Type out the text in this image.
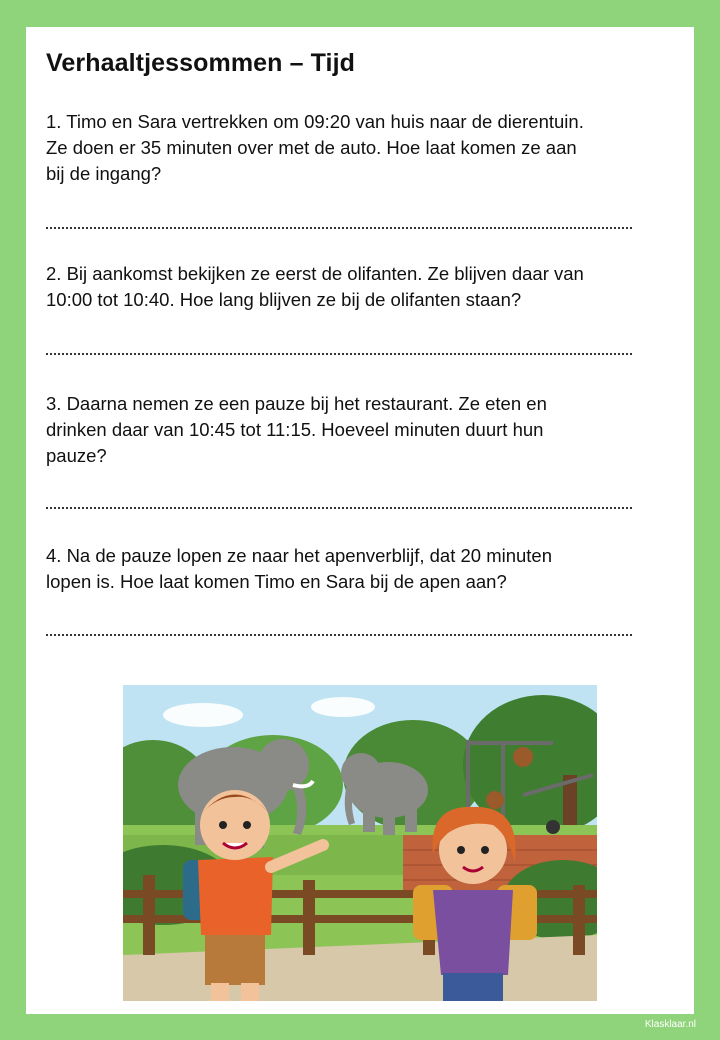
Verhaaltjessommen – Tijd
1. Timo en Sara vertrekken om 09:20 van huis naar de dierentuin.
Ze doen er 35 minuten over met de auto. Hoe laat komen ze aan
bij de ingang?
2. Bij aankomst bekijken ze eerst de olifanten. Ze blijven daar van
10:00 tot 10:40. Hoe lang blijven ze bij de olifanten staan?
3. Daarna nemen ze een pauze bij het restaurant. Ze eten en
drinken daar van 10:45 tot 11:15. Hoeveel minuten duurt hun
pauze?
4. Na de pauze lopen ze naar het apenverblijf, dat 20 minuten
lopen is. Hoe laat komen Timo en Sara bij de apen aan?
Klasklaar.nl
